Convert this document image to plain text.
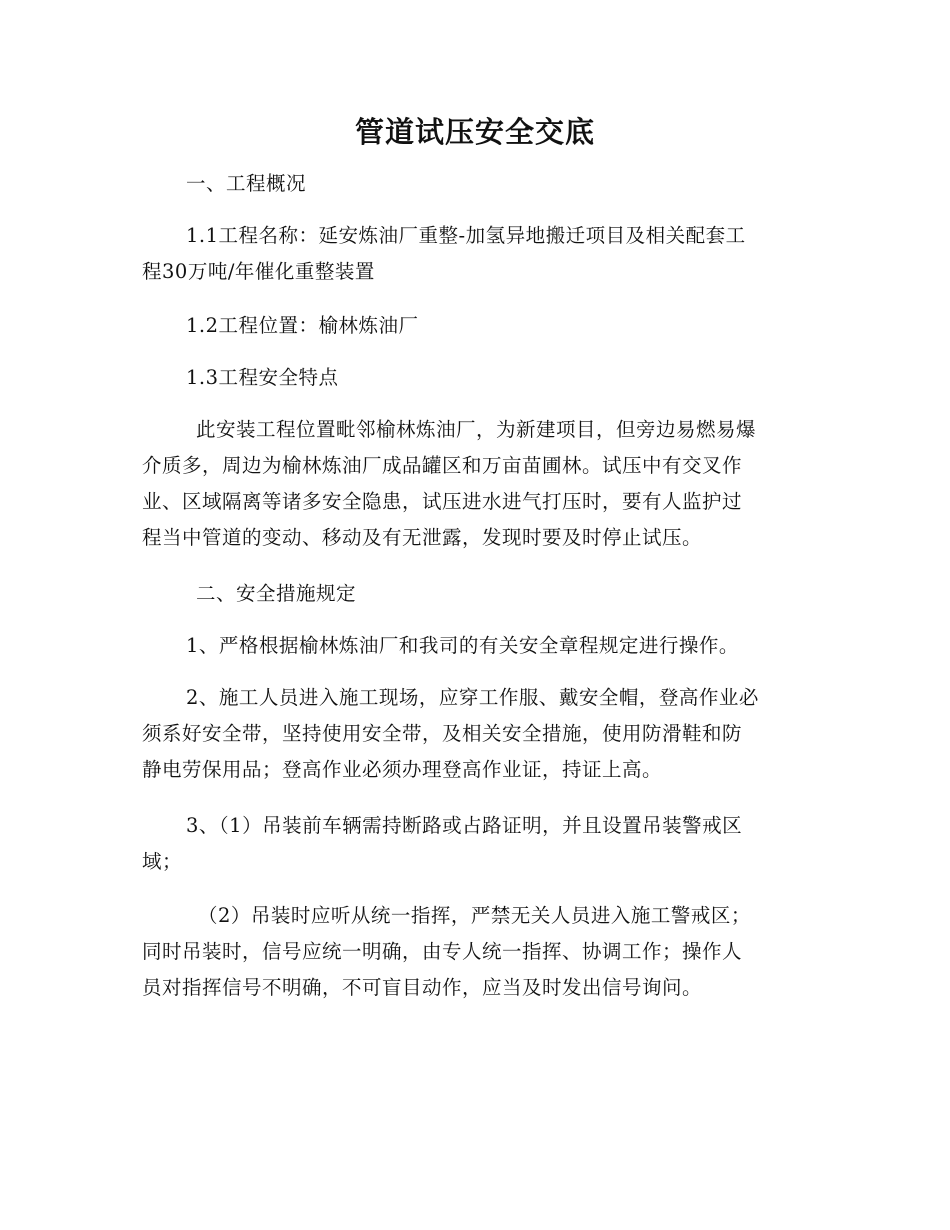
管道试压安全交底
一、工程概况
1.1工程名称：延安炼油厂重整-加氢异地搬迁项目及相关配套工
程30万吨/年催化重整装置
1.2工程位置：榆林炼油厂
1.3工程安全特点
此安装工程位置毗邻榆林炼油厂，为新建项目，但旁边易燃易爆
介质多，周边为榆林炼油厂成品罐区和万亩苗圃林。试压中有交叉作
业、区域隔离等诸多安全隐患，试压进水进气打压时，要有人监护过
程当中管道的变动、移动及有无泄露，发现时要及时停止试压。
二、安全措施规定
1、严格根据榆林炼油厂和我司的有关安全章程规定进行操作。
2、施工人员进入施工现场，应穿工作服、戴安全帽，登高作业必
须系好安全带，坚持使用安全带，及相关安全措施，使用防滑鞋和防
静电劳保用品；登高作业必须办理登高作业证，持证上高。
3、（1）吊装前车辆需持断路或占路证明，并且设置吊装警戒区
域；
（2）吊装时应听从统一指挥，严禁无关人员进入施工警戒区；
同时吊装时，信号应统一明确，由专人统一指挥、协调工作；操作人
员对指挥信号不明确，不可盲目动作，应当及时发出信号询问。
